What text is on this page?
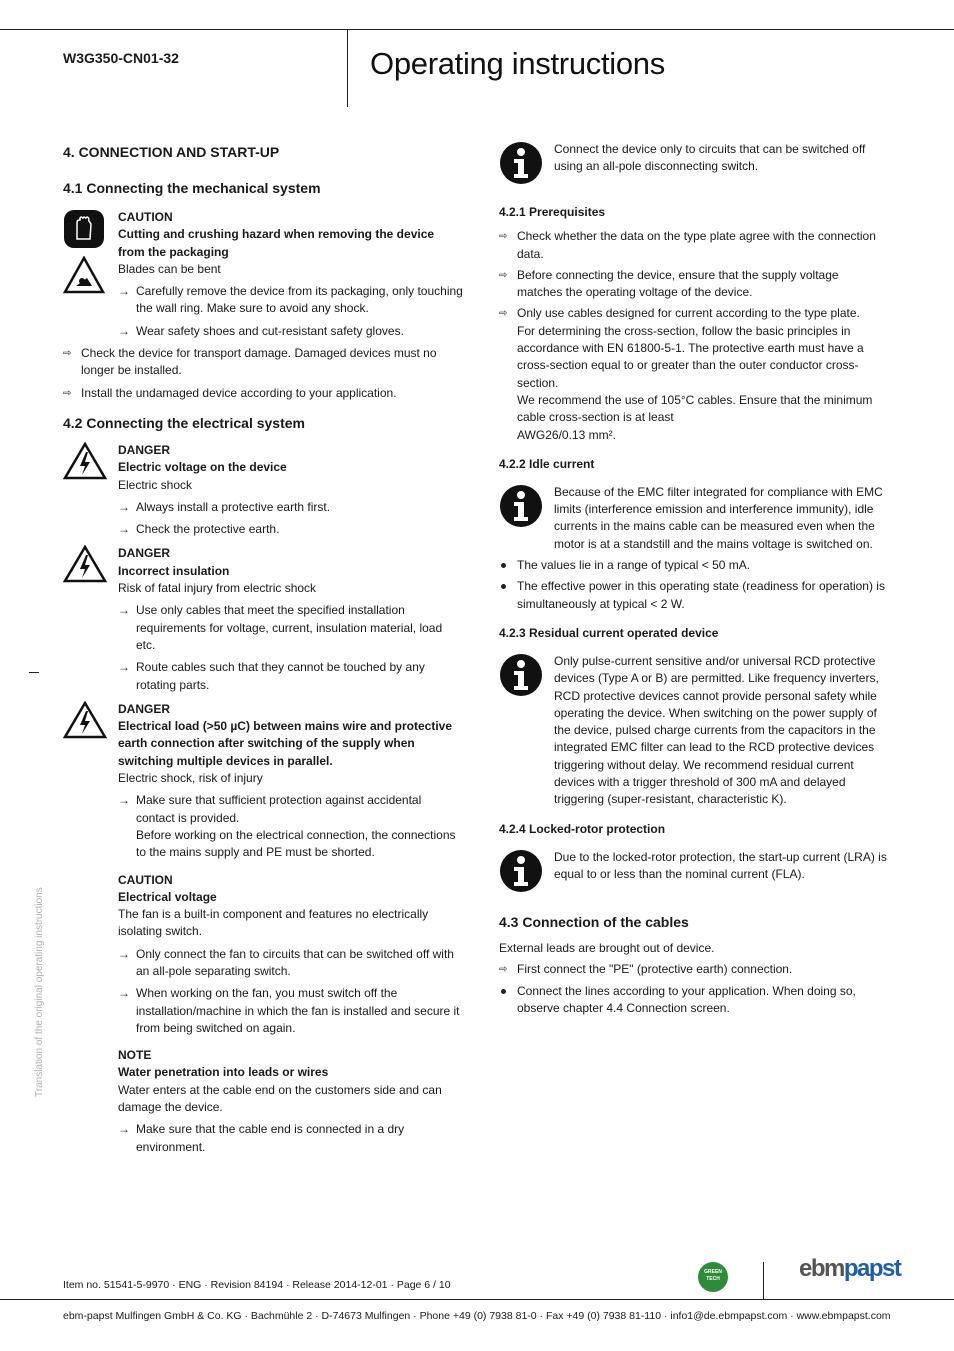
W3G350-CN01-32	Operating instructions
Translation of the original operating instructions
4. CONNECTION AND START-UP
4.1 Connecting the mechanical system

CAUTION

Cutting and crushing hazard when removing the device from the packaging

Blades can be bent

→ Carefully remove the device from its packaging, only touching the wall ring. Make sure to avoid any shock.
→ Wear safety shoes and cut-resistant safety gloves.
⇨ Check the device for transport damage. Damaged devices must no longer be installed.
⇨ Install the undamaged device according to your application.
4.2 Connecting the electrical system

DANGER

Electric voltage on the device

Electric shock

→ Always install a protective earth first.
→ Check the protective earth.

DANGER

Incorrect insulation

Risk of fatal injury from electric shock

→ Use only cables that meet the specified installation requirements for voltage, current, insulation material, load etc.
→ Route cables such that they cannot be touched by any rotating parts.

DANGER

Electrical load (>50 µC) between mains wire and protective earth connection after switching of the supply when switching multiple devices in parallel.

Electric shock, risk of injury

→ Make sure that sufficient protection against accidental contact is provided.
Before working on the electrical connection, the connections to the mains supply and PE must be shorted.

CAUTION

Electrical voltage

The fan is a built-in component and features no electrically isolating switch.

→ Only connect the fan to circuits that can be switched off with an all-pole separating switch.
→ When working on the fan, you must switch off the installation/machine in which the fan is installed and secure it from being switched on again.

NOTE

Water penetration into leads or wires

Water enters at the cable end on the customers side and can damage the device.

→ Make sure that the cable end is connected in a dry environment.
Connect the device only to circuits that can be switched off using an all-pole disconnecting switch.
4.2.1 Prerequisites
⇨ Check whether the data on the type plate agree with the connection data.
⇨ Before connecting the device, ensure that the supply voltage matches the operating voltage of the device.
⇨ Only use cables designed for current according to the type plate.
For determining the cross-section, follow the basic principles in accordance with EN 61800-5-1. The protective earth must have a cross-section equal to or greater than the outer conductor cross-section.
We recommend the use of 105°C cables. Ensure that the minimum cable cross-section is at least
AWG26/0.13 mm².
4.2.2 Idle current
Because of the EMC filter integrated for compliance with EMC limits (interference emission and interference immunity), idle currents in the mains cable can be measured even when the motor is at a standstill and the mains voltage is switched on.
The values lie in a range of typical < 50 mA.
The effective power in this operating state (readiness for operation) is simultaneously at typical < 2 W.
4.2.3 Residual current operated device
Only pulse-current sensitive and/or universal RCD protective devices (Type A or B) are permitted. Like frequency inverters, RCD protective devices cannot provide personal safety while operating the device. When switching on the power supply of the device, pulsed charge currents from the capacitors in the integrated EMC filter can lead to the RCD protective devices triggering without delay. We recommend residual current devices with a trigger threshold of 300 mA and delayed triggering (super-resistant, characteristic K).
4.2.4 Locked-rotor protection
Due to the locked-rotor protection, the start-up current (LRA) is equal to or less than the nominal current (FLA).
4.3 Connection of the cables

External leads are brought out of device.

⇨ First connect the "PE" (protective earth) connection.
Connect the lines according to your application. When doing so, observe chapter 4.4 Connection screen.
Item no. 51541-5-9970 · ENG · Revision 84194 · Release 2014-12-01 · Page 6 / 10
GREEN TECH	ebmpapst
ebm-papst Mulfingen GmbH & Co. KG · Bachmühle 2 · D-74673 Mulfingen · Phone +49 (0) 7938 81-0 · Fax +49 (0) 7938 81-110 · info1@de.ebmpapst.com · www.ebmpapst.com
